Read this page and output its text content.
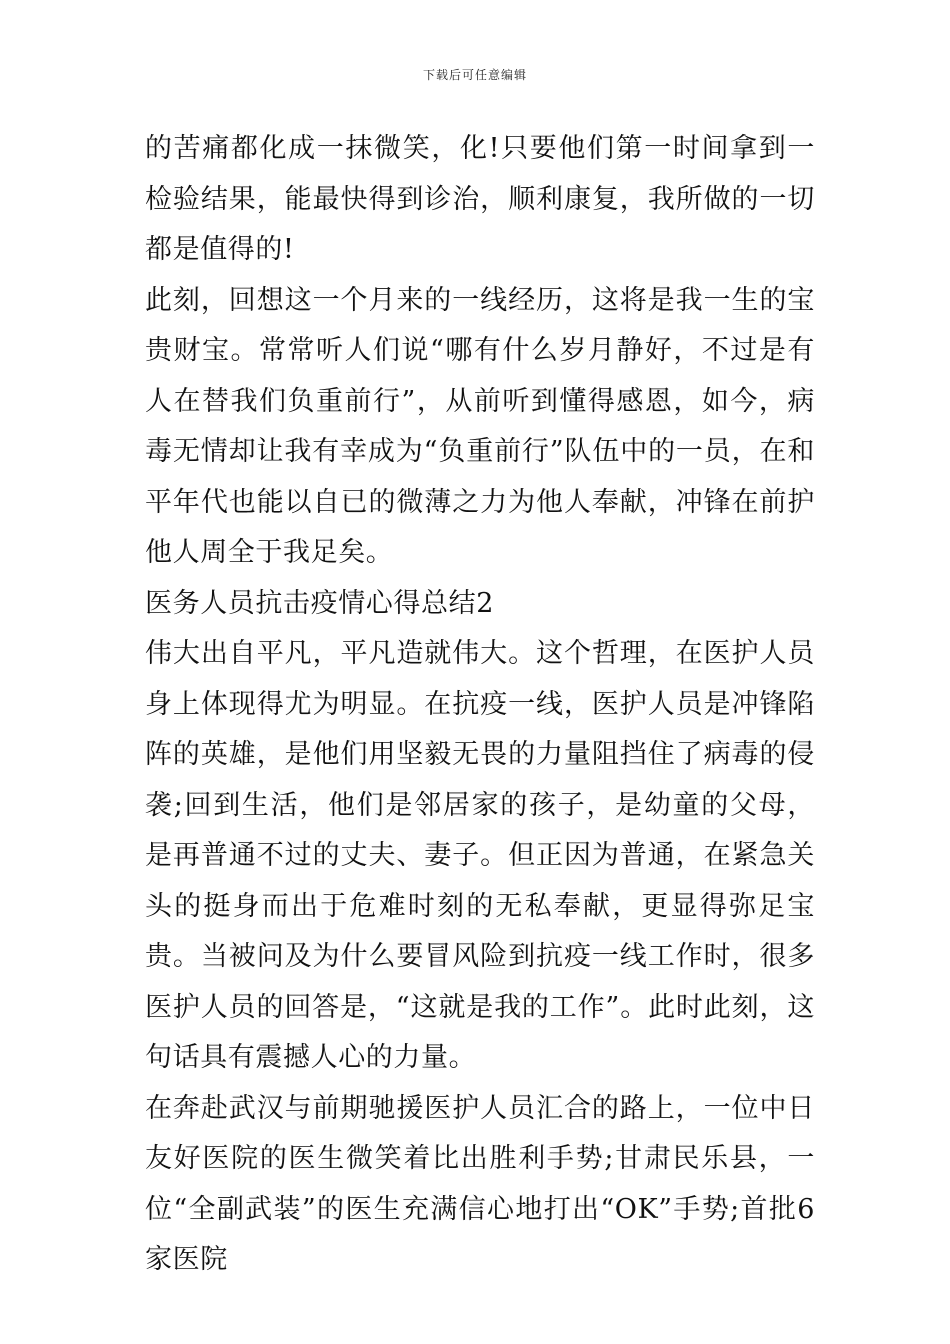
下载后可任意编辑

的苦痛都化成一抹微笑，化!只要他们第一时间拿到一检验结果，能最快得到诊治，顺利康复，我所做的一切都是值得的!

此刻，回想这一个月来的一线经历，这将是我一生的宝贵财宝。常常听人们说“哪有什么岁月静好，不过是有人在替我们负重前行”，从前听到懂得感恩，如今，病毒无情却让我有幸成为“负重前行”队伍中的一员，在和平年代也能以自已的微薄之力为他人奉献，冲锋在前护他人周全于我足矣。

医务人员抗击疫情心得总结2

伟大出自平凡，平凡造就伟大。这个哲理，在医护人员身上体现得尤为明显。在抗疫一线，医护人员是冲锋陷阵的英雄，是他们用坚毅无畏的力量阻挡住了病毒的侵袭;回到生活，他们是邻居家的孩子，是幼童的父母，是再普通不过的丈夫、妻子。但正因为普通，在紧急关头的挺身而出于危难时刻的无私奉献，更显得弥足宝贵。当被问及为什么要冒风险到抗疫一线工作时，很多医护人员的回答是，“这就是我的工作”。此时此刻，这句话具有震撼人心的力量。

在奔赴武汉与前期驰援医护人员汇合的路上，一位中日友好医院的医生微笑着比出胜利手势;甘肃民乐县，一位“全副武装”的医生充满信心地打出“OK”手势;首批6家医院
